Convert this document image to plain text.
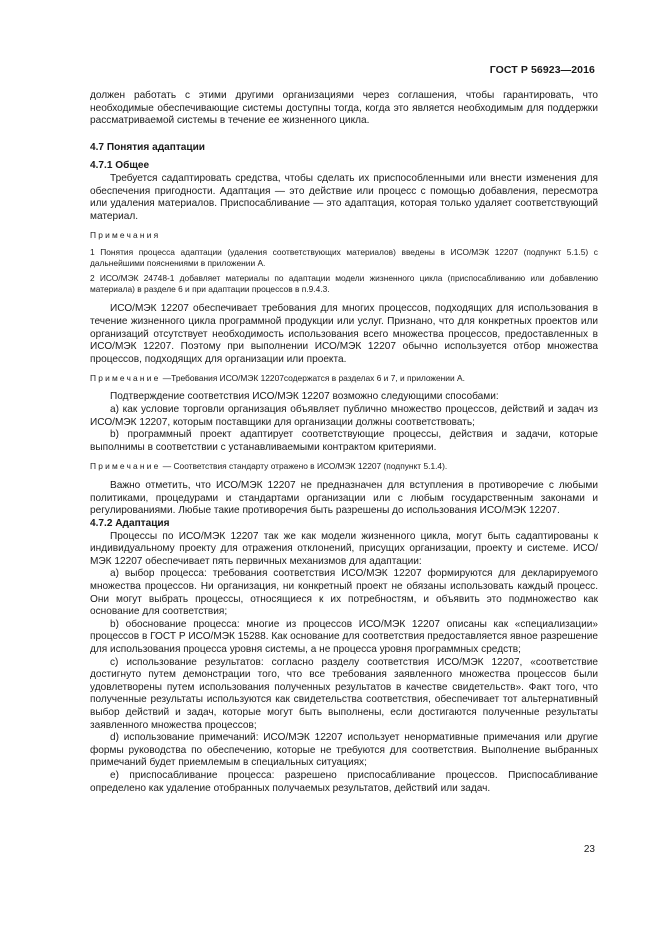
ГОСТ Р 56923—2016

должен работать с этими другими организациями через соглашения, чтобы гарантировать, что необходимые обеспечивающие системы доступны тогда, когда это является необходимым для поддержки рассматриваемой системы в течение ее жизненного цикла.

4.7 Понятия адаптации

4.7.1 Общее

Требуется садаптировать средства, чтобы сделать их приспособленными или внести изменения для обеспечения пригодности. Адаптация — это действие или процесс с помощью добавления, пересмотра или удаления материалов. Приспосабливание — это адаптация, которая только удаляет соответствующий материал.

Примечания

1 Понятия процесса адаптации (удаления соответствующих материалов) введены в ИСО/МЭК 12207 (подпункт 5.1.5) с дальнейшими пояснениями в приложении А.

2 ИСО/МЭК 24748-1 добавляет материалы по адаптации модели жизненного цикла (приспосабливанию или добавлению материала) в разделе 6 и при адаптации процессов в п.9.4.3.

ИСО/МЭК 12207 обеспечивает требования для многих процессов, подходящих для использования в течение жизненного цикла программной продукции или услуг. Признано, что для конкретных проектов или организаций отсутствует необходимость использования всего множества процессов, предоставленных в ИСО/МЭК 12207. Поэтому при выполнении ИСО/МЭК 12207 обычно используется отбор множества процессов, подходящих для организации или проекта.

Примечание —Требования ИСО/МЭК 12207содержатся в разделах 6 и 7, и приложении А.

Подтверждение соответствия ИСО/МЭК 12207 возможно следующими способами:

а) как условие торговли организация объявляет публично множество процессов, действий и задач из ИСО/МЭК 12207, которым поставщики для организации должны соответствовать;

b) программный проект адаптирует соответствующие процессы, действия и задачи, которые выполнимы в соответствии с устанавливаемыми контрактом критериями.

Примечание — Соответствия стандарту отражено в ИСО/МЭК 12207 (подпункт 5.1.4).

Важно отметить, что ИСО/МЭК 12207 не предназначен для вступления в противоречие с любыми политиками, процедурами и стандартами организации или с любым государственным законами и регулированиями. Любые такие противоречия быть разрешены до использования ИСО/МЭК 12207.

4.7.2 Адаптация

Процессы по ИСО/МЭК 12207 так же как модели жизненного цикла, могут быть садаптированы к индивидуальному проекту для отражения отклонений, присущих организации, проекту и системе. ИСО/МЭК 12207 обеспечивает пять первичных механизмов для адаптации:

а) выбор процесса: требования соответствия ИСО/МЭК 12207 формируются для декларируемого множества процессов. Ни организация, ни конкретный проект не обязаны использовать каждый процесс. Они могут выбрать процессы, относящиеся к их потребностям, и объявить это подмножество как основание для соответствия;

b) обоснование процесса: многие из процессов ИСО/МЭК 12207 описаны как «специализации» процессов в ГОСТ Р ИСО/МЭК 15288. Как основание для соответствия предоставляется явное разрешение для использования процесса уровня системы, а не процесса уровня программных средств;

c) использование результатов: согласно разделу соответствия ИСО/МЭК 12207, «соответствие достигнуто путем демонстрации того, что все требования заявленного множества процессов были удовлетворены путем использования полученных результатов в качестве свидетельств». Факт того, что полученные результаты используются как свидетельства соответствия, обеспечивает тот альтернативный выбор действий и задач, которые могут быть выполнены, если достигаются полученные результаты заявленного множества процессов;

d) использование примечаний: ИСО/МЭК 12207 использует ненормативные примечания или другие формы руководства по обеспечению, которые не требуются для соответствия. Выполнение выбранных примечаний будет приемлемым в специальных ситуациях;

e) приспосабливание процесса: разрешено приспосабливание процессов. Приспосабливание определено как удаление отобранных получаемых результатов, действий или задач.

23
